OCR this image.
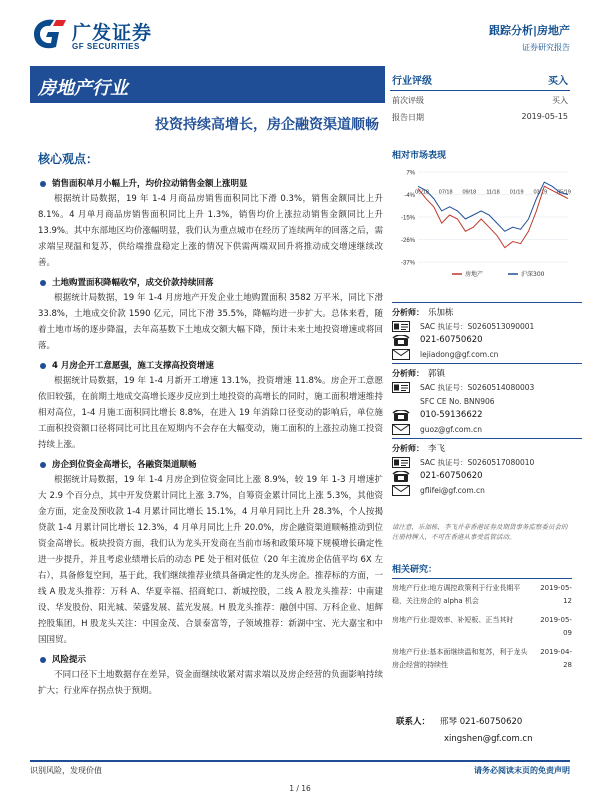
广发证券
GF SECURITIES
跟踪分析|房地产
证券研究报告
房地产行业
投资持续高增长，房企融资渠道顺畅
行业评级	买入
前次评级	买入
报告日期	2019-05-15
核心观点：
销售面积单月小幅上升，均价拉动销售金额上涨明显
根据统计局数据，19 年 1-4 月商品房销售面积同比下滑 0.3%，销售金额同比上升 8.1%。4 月单月商品房销售面积同比上升 1.3%，销售均价上涨拉动销售金额同比上升 13.9%。其中东部地区均价涨幅明显，我们认为重点城市在经历了连续两年的回落之后，需求端呈现温和复苏，供给端推盘稳定上涨的情况下供需两端双回升将推动成交增速继续改善。
土地购置面积降幅收窄，成交价款持续回落
根据统计局数据，19 年 1-4 月房地产开发企业土地购置面积 3582 万平米，同比下滑 33.8%，土地成交价款 1590 亿元，同比下滑 35.5%，降幅均进一步扩大。总体来看，随着土地市场的逐步降温，去年高基数下土地成交额大幅下降，预计未来土地投资增速或将回落。
4 月房企开工意愿强，施工支撑高投资增速
根据统计局数据，19 年 1-4 月新开工增速 13.1%，投资增速 11.8%。房企开工意愿依旧较强，在前期土地成交高增长逐步反应到土地投资的高增长的同时，施工面积增速维持相对高位，1-4 月施工面积同比增长 8.8%，在进入 19 年消除口径变动的影响后，单位施工面积投资额口径将同比可比且在短期内不会存在大幅变动，施工面积的上涨拉动施工投资持续上涨。
房企到位资金高增长，各融资渠道顺畅
根据统计局数据，19 年 1-4 月房企到位资金同比上涨 8.9%，较 19 年 1-3 月增速扩大 2.9 个百分点，其中开发贷累计同比上涨 3.7%，自筹资金累计同比上涨 5.3%，其他资金方面，定金及预收款 1-4 月累计同比增长 15.1%，4 月单月同比上升 28.3%，个人按揭贷款 1-4 月累计同比增长 12.3%，4 月单月同比上升 20.0%，房企融资渠道顺畅推动到位资金高增长。板块投资方面，我们认为龙头开发商在当前市场和政策环境下规模增长确定性进一步提升，并且考虑业绩增长后的动态 PE 处于相对低位（20 年主流房企估值平均 6X 左右），具备修复空间，基于此，我们继续推荐业绩具备确定性的龙头房企。推荐标的方面，一线 A 股龙头推荐：万科 A、华夏幸福、招商蛇口、新城控股，二线 A 股龙头推荐：中南建设、华发股份、阳光城、荣盛发展、蓝光发展。H 股龙头推荐：融创中国、万科企业、旭辉控股集团，H 股龙头关注：中国金茂、合景泰富等，子领域推荐：新湖中宝、光大嘉宝和中国国贸。
风险提示
不同口径下土地数据存在差异，资金面继续收紧对需求端以及房企经营的负面影响持续扩大；行业库存拐点快于预期。
相对市场表现
7%
-4%
-15%
-26%
-37%
05/18 07/18 09/18 11/18 01/19 03/19 05/19
房地产	沪深300
分析师： 乐加栋
SAC 执证号：S0260513090001
021-60750620
lejiadong@gf.com.cn
分析师： 郭镇
SAC 执证号：S0260514080003
SFC CE No. BNN906
010-59136622
guoz@gf.com.cn
分析师： 李飞
SAC 执证号：S0260517080010
021-60750620
gflifei@gf.com.cn
请注意，乐加栋，李飞并非香港证券及期货事务监察委员会的注册持牌人，不可在香港从事受监管活动。
相关研究：
房地产行业:地方调控政策利于行业長期平稳，关注房企的 alpha 机会
2019-05-12
房地产行业:提效率、补短板、正当其时	2019-05-09
房地产行业:基本面继续温和复苏，利于龙头房企经营的持续性
2019-04-28
联系人： 邢琴 021-60750620
xingshen@gf.com.cn
识别风险，发现价值	请务必阅读末页的免责声明
1 / 16
